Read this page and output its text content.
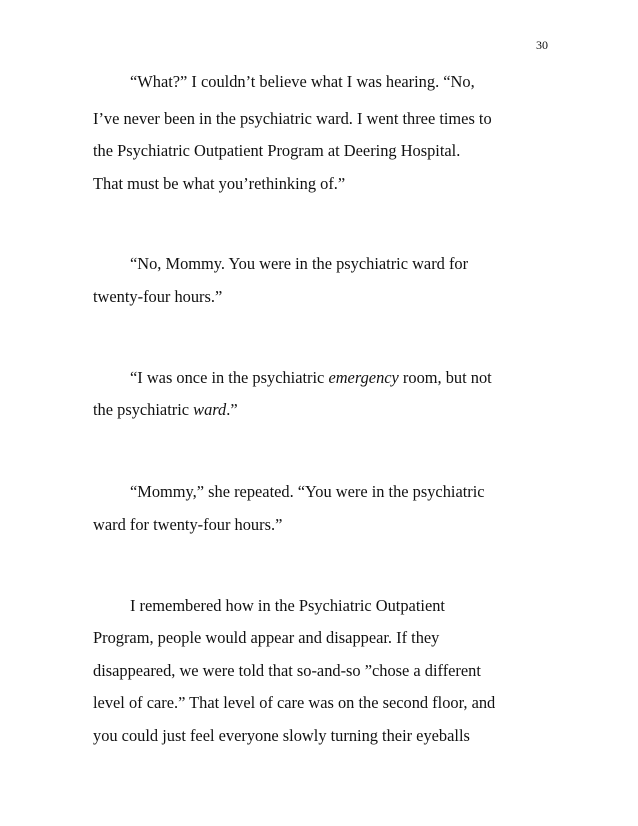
30
“What?” I couldn’t believe what I was hearing. “No,
I’ve never been in the psychiatric ward. I went three times to
the Psychiatric Outpatient Program at Deering Hospital.
That must be what you’rethinking of.”
“No, Mommy. You were in the psychiatric ward for
twenty-four hours.”
“I was once in the psychiatric emergency room, but not
the psychiatric ward.”
“Mommy,” she repeated. “You were in the psychiatric
ward for twenty-four hours.”
I remembered how in the Psychiatric Outpatient
Program, people would appear and disappear. If they
disappeared, we were told that so-and-so ”chose a different
level of care.” That level of care was on the second floor, and
you could just feel everyone slowly turning their eyeballs
